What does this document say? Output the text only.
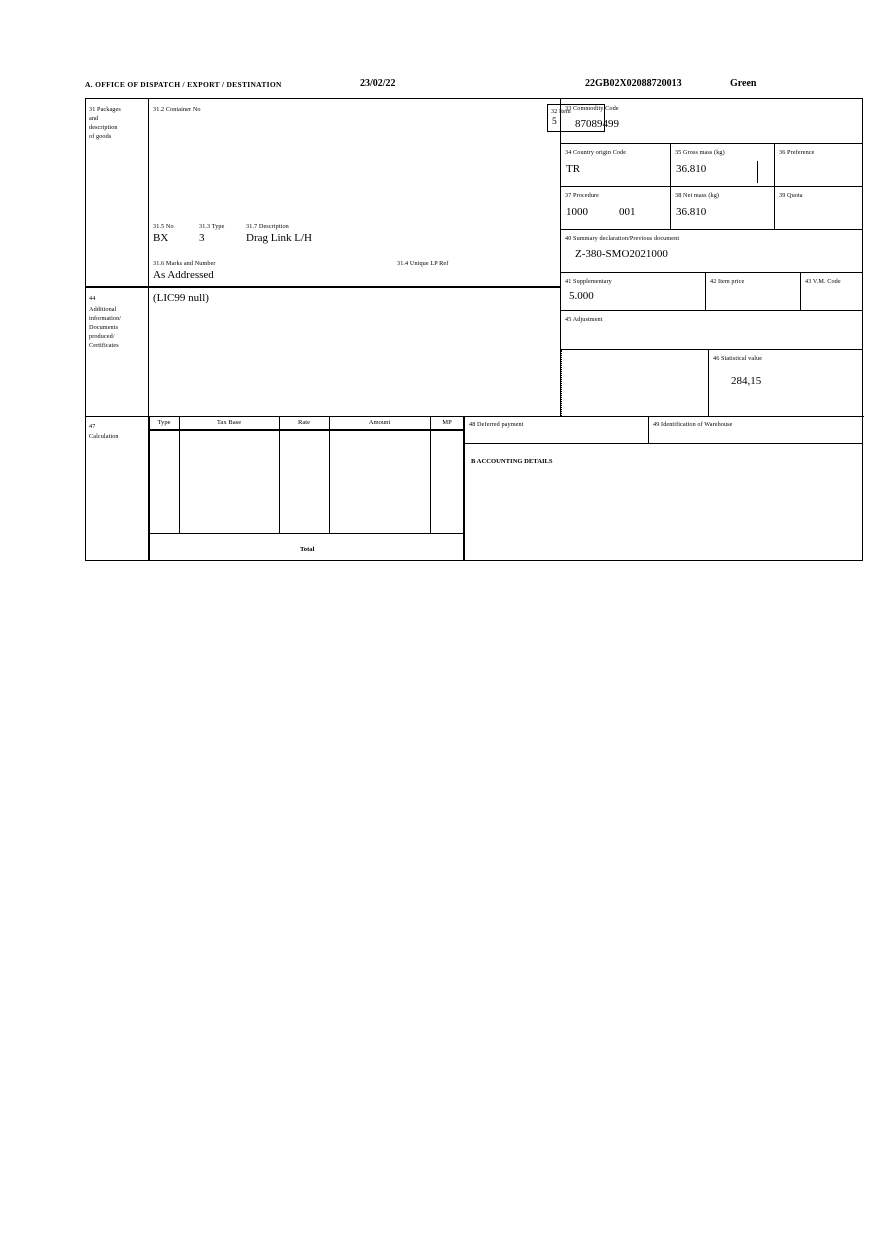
A. OFFICE OF DISPATCH / EXPORT / DESTINATION	23/02/22	22GB02X02088720013	Green
31 Packages
and
description
of goods
31.2 Container No
31.5 No	31.3 Type	31.7 Description
BX	3	Drag Link L/H
31.6 Marks and Number	31.4 Unique LP Ref
As Addressed
32 Item
5
33 Commodity Code
87089499
34 Country origin Code
TR
35 Gross mass (kg)
36.810
36 Preference
37 Procedure
1000	001
38 Net mass (kg)
36.810
39 Quota
40 Summary declaration/Previous document
Z-380-SMO2021000
41 Supplementary
5.000
42 Item price	43 V.M. Code
45 Adjustment
46 Statistical value
284,15
44
Additional
information/
Documents
produced/
Certificates
(LIC99 null)
47
Calculation
Type	Tax Base	Rate	Amount	MP
Total
48 Deferred payment	49 Identification of Warehouse
B ACCOUNTING DETAILS
